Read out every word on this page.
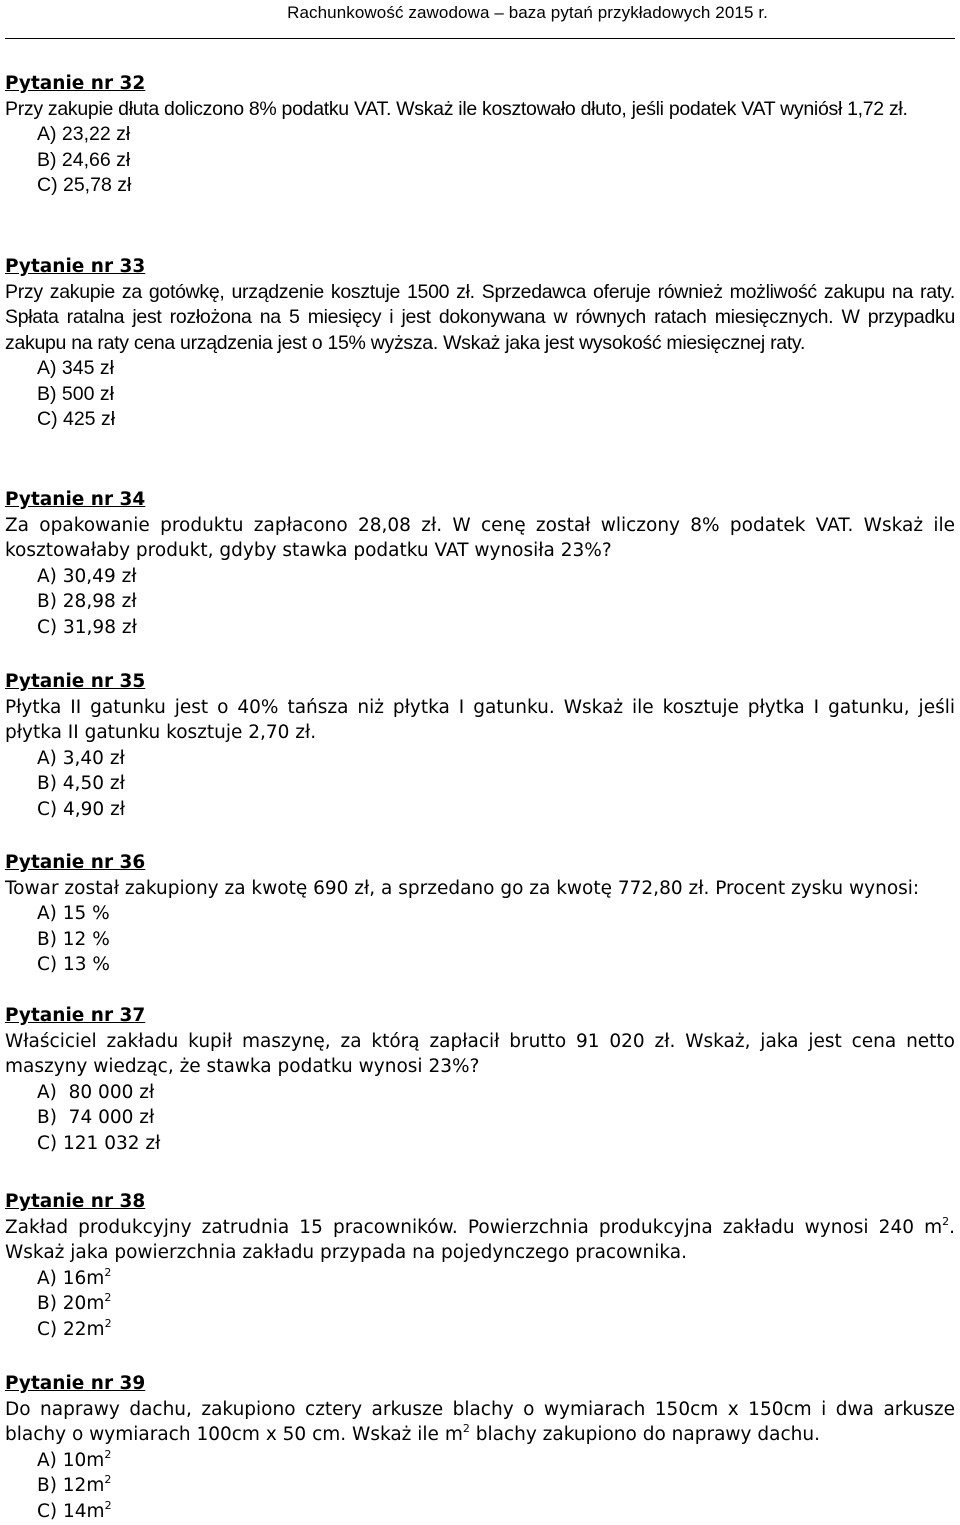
Rachunkowość zawodowa – baza pytań przykładowych 2015 r.

Pytanie nr 32

Przy zakupie dłuta doliczono 8% podatku VAT. Wskaż ile kosztowało dłuto, jeśli podatek VAT wyniósł 1,72 zł.

A) 23,22 zł
B) 24,66 zł
C) 25,78 zł

Pytanie nr 33

Przy zakupie za gotówkę, urządzenie kosztuje 1500 zł. Sprzedawca oferuje również możliwość zakupu na raty. Spłata ratalna jest rozłożona na 5 miesięcy i jest dokonywana w równych ratach miesięcznych. W przypadku zakupu na raty cena urządzenia jest o 15% wyższa. Wskaż jaka jest wysokość miesięcznej raty.

A) 345 zł
B) 500 zł
C) 425 zł

Pytanie nr 34

Za opakowanie produktu zapłacono 28,08 zł. W cenę został wliczony 8% podatek VAT. Wskaż ile kosztowałaby produkt, gdyby stawka podatku VAT wynosiła 23%?

A) 30,49 zł
B) 28,98 zł
C) 31,98 zł

Pytanie nr 35

Płytka II gatunku jest o 40% tańsza niż płytka I gatunku. Wskaż ile kosztuje płytka I gatunku, jeśli płytka II gatunku kosztuje 2,70 zł.

A) 3,40 zł
B) 4,50 zł
C) 4,90 zł

Pytanie nr 36

Towar został zakupiony za kwotę 690 zł, a sprzedano go za kwotę 772,80 zł. Procent zysku wynosi:

A) 15 %
B) 12 %
C) 13 %

Pytanie nr 37

Właściciel zakładu kupił maszynę, za którą zapłacił brutto 91 020 zł. Wskaż, jaka jest cena netto maszyny wiedząc, że stawka podatku wynosi 23%?

A)  80 000 zł
B)  74 000 zł
C) 121 032 zł

Pytanie nr 38

Zakład produkcyjny zatrudnia 15 pracowników. Powierzchnia produkcyjna zakładu wynosi 240 $m^2$. Wskaż jaka powierzchnia zakładu przypada na pojedynczego pracownika.

A) $16m^2$
B) $20m^2$
C) $22m^2$

Pytanie nr 39

Do naprawy dachu, zakupiono cztery arkusze blachy o wymiarach 150cm x 150cm i dwa arkusze blachy o wymiarach 100cm x 50 cm. Wskaż ile $m^2$ blachy zakupiono do naprawy dachu.

A) $10m^2$
B) $12m^2$
C) $14m^2$
